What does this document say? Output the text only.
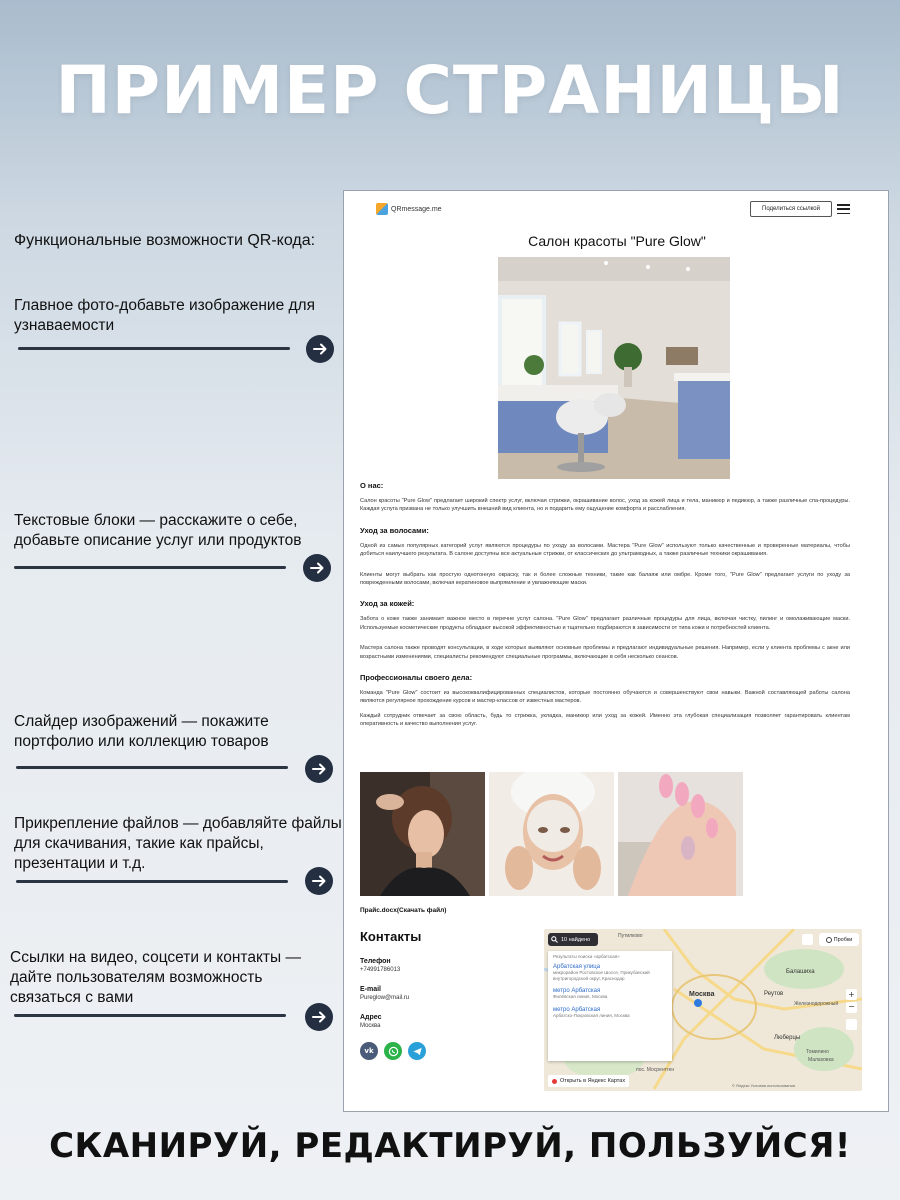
ПРИМЕР СТРАНИЦЫ
Функциональные возможности QR-кода:
Главное фото-добавьте изображение для узнаваемости
Текстовые блоки — расскажите о себе, добавьте описание услуг или продуктов
Слайдер изображений — покажите портфолио или коллекцию товаров
Прикрепление файлов — добавляйте файлы для скачивания, такие как прайсы, презентации и т.д.
Ссылки на видео, соцсети и контакты — дайте пользователям возможность связаться с вами
QRmessage.me	Поделиться ссылкой
Салон красоты "Pure Glow"
О нас:
Салон красоты "Pure Glow" предлагает широкий спектр услуг, включая стрижки, окрашивание волос, уход за кожей лица и тела, маникюр и педикюр, а также различные спа-процедуры. Каждая услуга призвана не только улучшить внешний вид клиента, но и подарить ему ощущение комфорта и расслабления.
Уход за волосами:
Одной из самых популярных категорий услуг являются процедуры по уходу за волосами. Мастера "Pure Glow" используют только качественные и проверенные материалы, чтобы добиться наилучшего результата. В салоне доступны все актуальные стрижки, от классических до ультрамодных, а также различные техники окрашивания.
Клиенты могут выбрать как простую однотонную окраску, так и более сложные техники, такие как балаяж или омбре. Кроме того, "Pure Glow" предлагает услуги по уходу за поврежденными волосами, включая кератиновое выпрямление и увлажняющие маски.
Уход за кожей:
Забота о коже также занимает важное место в перечне услуг салона. "Pure Glow" предлагает различные процедуры для лица, включая чистку, пилинг и омолаживающие маски. Используемые косметические продукты обладают высокой эффективностью и тщательно подбираются в зависимости от типа кожи и потребностей клиента.
Мастера салона также проводят консультации, в ходе которых выявляют основные проблемы и предлагают индивидуальные решения. Например, если у клиента проблемы с акне или возрастными изменениями, специалисты рекомендуют специальные программы, включающие в себя несколько сеансов.
Профессионалы своего дела:
Команда "Pure Glow" состоит из высококвалифицированных специалистов, которые постоянно обучаются и совершенствуют свои навыки. Важной составляющей работы салона являются регулярное прохождение курсов и мастер-классов от известных мастеров.
Каждый сотрудник отвечает за свою область, будь то стрижка, укладка, маникюр или уход за кожей. Именно эта глубокая специализация позволяет гарантировать клиентам оперативность и качество выполнения услуг.
Прайс.docx(Скачать файл)
Контакты
Телефон
+74991786013
E-mail
Pureglow@mail.ru
Адрес
Москва
vk
10 найдено	Пробки
Результаты поиска «арбатская»
Арбатская улица
микрорайон Ростовское Шоссе, Прикубанский внутригородской округ, Краснодар
метро Арбатская
Филёвская линия, Москва
метро Арбатская
Арбатско-Покровская линия, Москва
Москва	Реутов
Балашиха
Железнодорожный
Люберцы
Путилково
Томилино
Малаховка
пос. Мосрентген
+
−
Открыть в Яндекс Картах
© Яндекс Условия использования
СКАНИРУЙ, РЕДАКТИРУЙ, ПОЛЬЗУЙСЯ!
